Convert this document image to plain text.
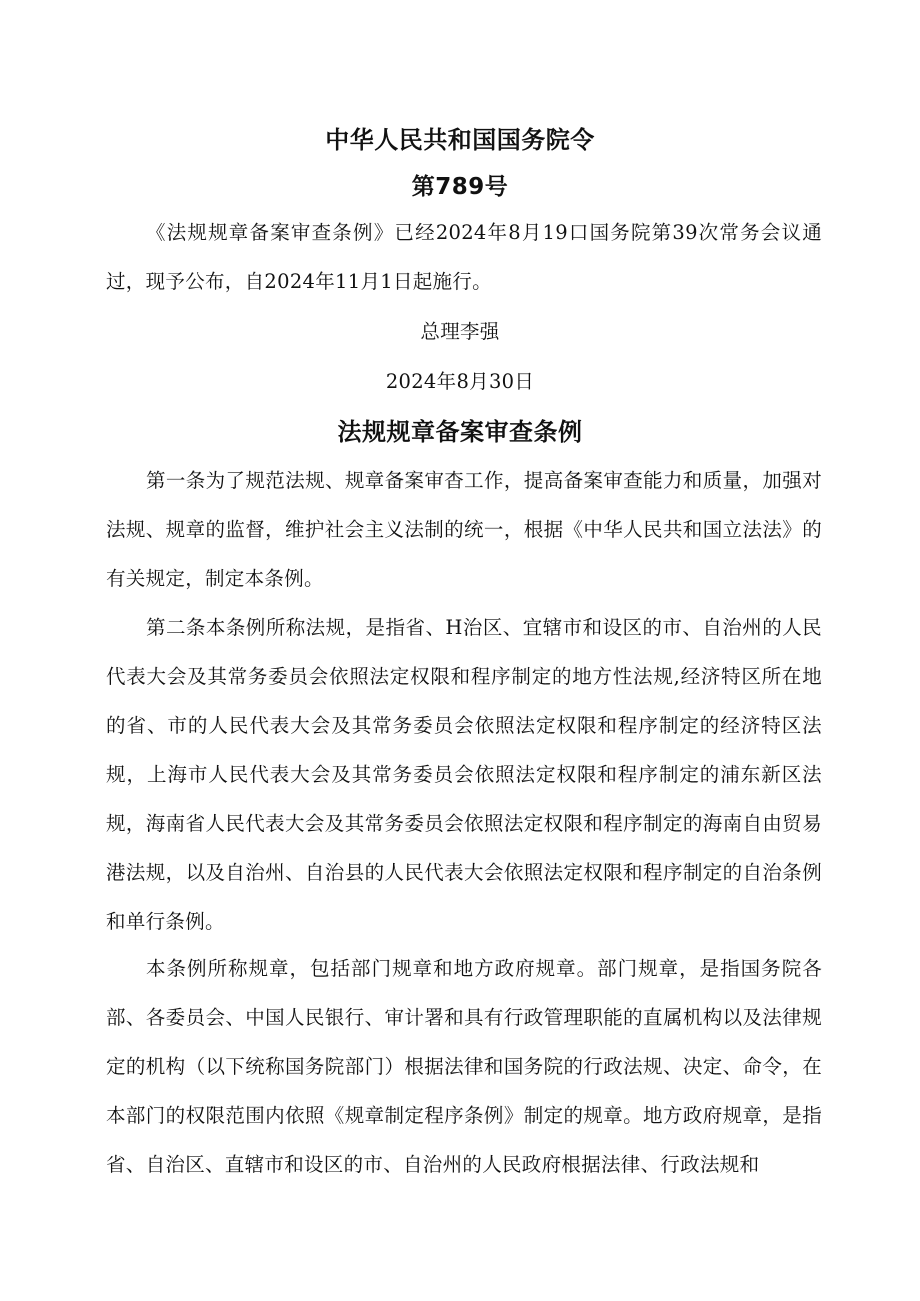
中华人民共和国国务院令
第789号

《法规规章备案审查条例》已经2024年8月19口国务院第39次常务会议通过，现予公布，自2024年11月1日起施行。

总理李强
2024年8月30日
法规规章备案审查条例

第一条为了规范法规、规章备案审杳工作，提高备案审查能力和质量，加强对法规、规章的监督，维护社会主义法制的统一，根据《中华人民共和国立法法》的有关规定，制定本条例。

第二条本条例所称法规，是指省、H治区、宜辖市和设区的市、自治州的人民代表大会及其常务委员会依照法定权限和程序制定的地方性法规,经济特区所在地的省、市的人民代表大会及其常务委员会依照法定权限和程序制定的经济特区法规，上海市人民代表大会及其常务委员会依照法定权限和程序制定的浦东新区法规，海南省人民代表大会及其常务委员会依照法定权限和程序制定的海南自由贸易港法规，以及自治州、自治县的人民代表大会依照法定权限和程序制定的自治条例和单行条例。

本条例所称规章，包括部门规章和地方政府规章。部门规章，是指国务院各部、各委员会、中国人民银行、审计署和具有行政管理职能的直属机构以及法律规定的机构（以下统称国务院部门）根据法律和国务院的行政法规、决定、命令，在本部门的权限范围内依照《规章制定程序条例》制定的规章。地方政府规章，是指省、自治区、直辖市和设区的市、自治州的人民政府根据法律、行政法规和
